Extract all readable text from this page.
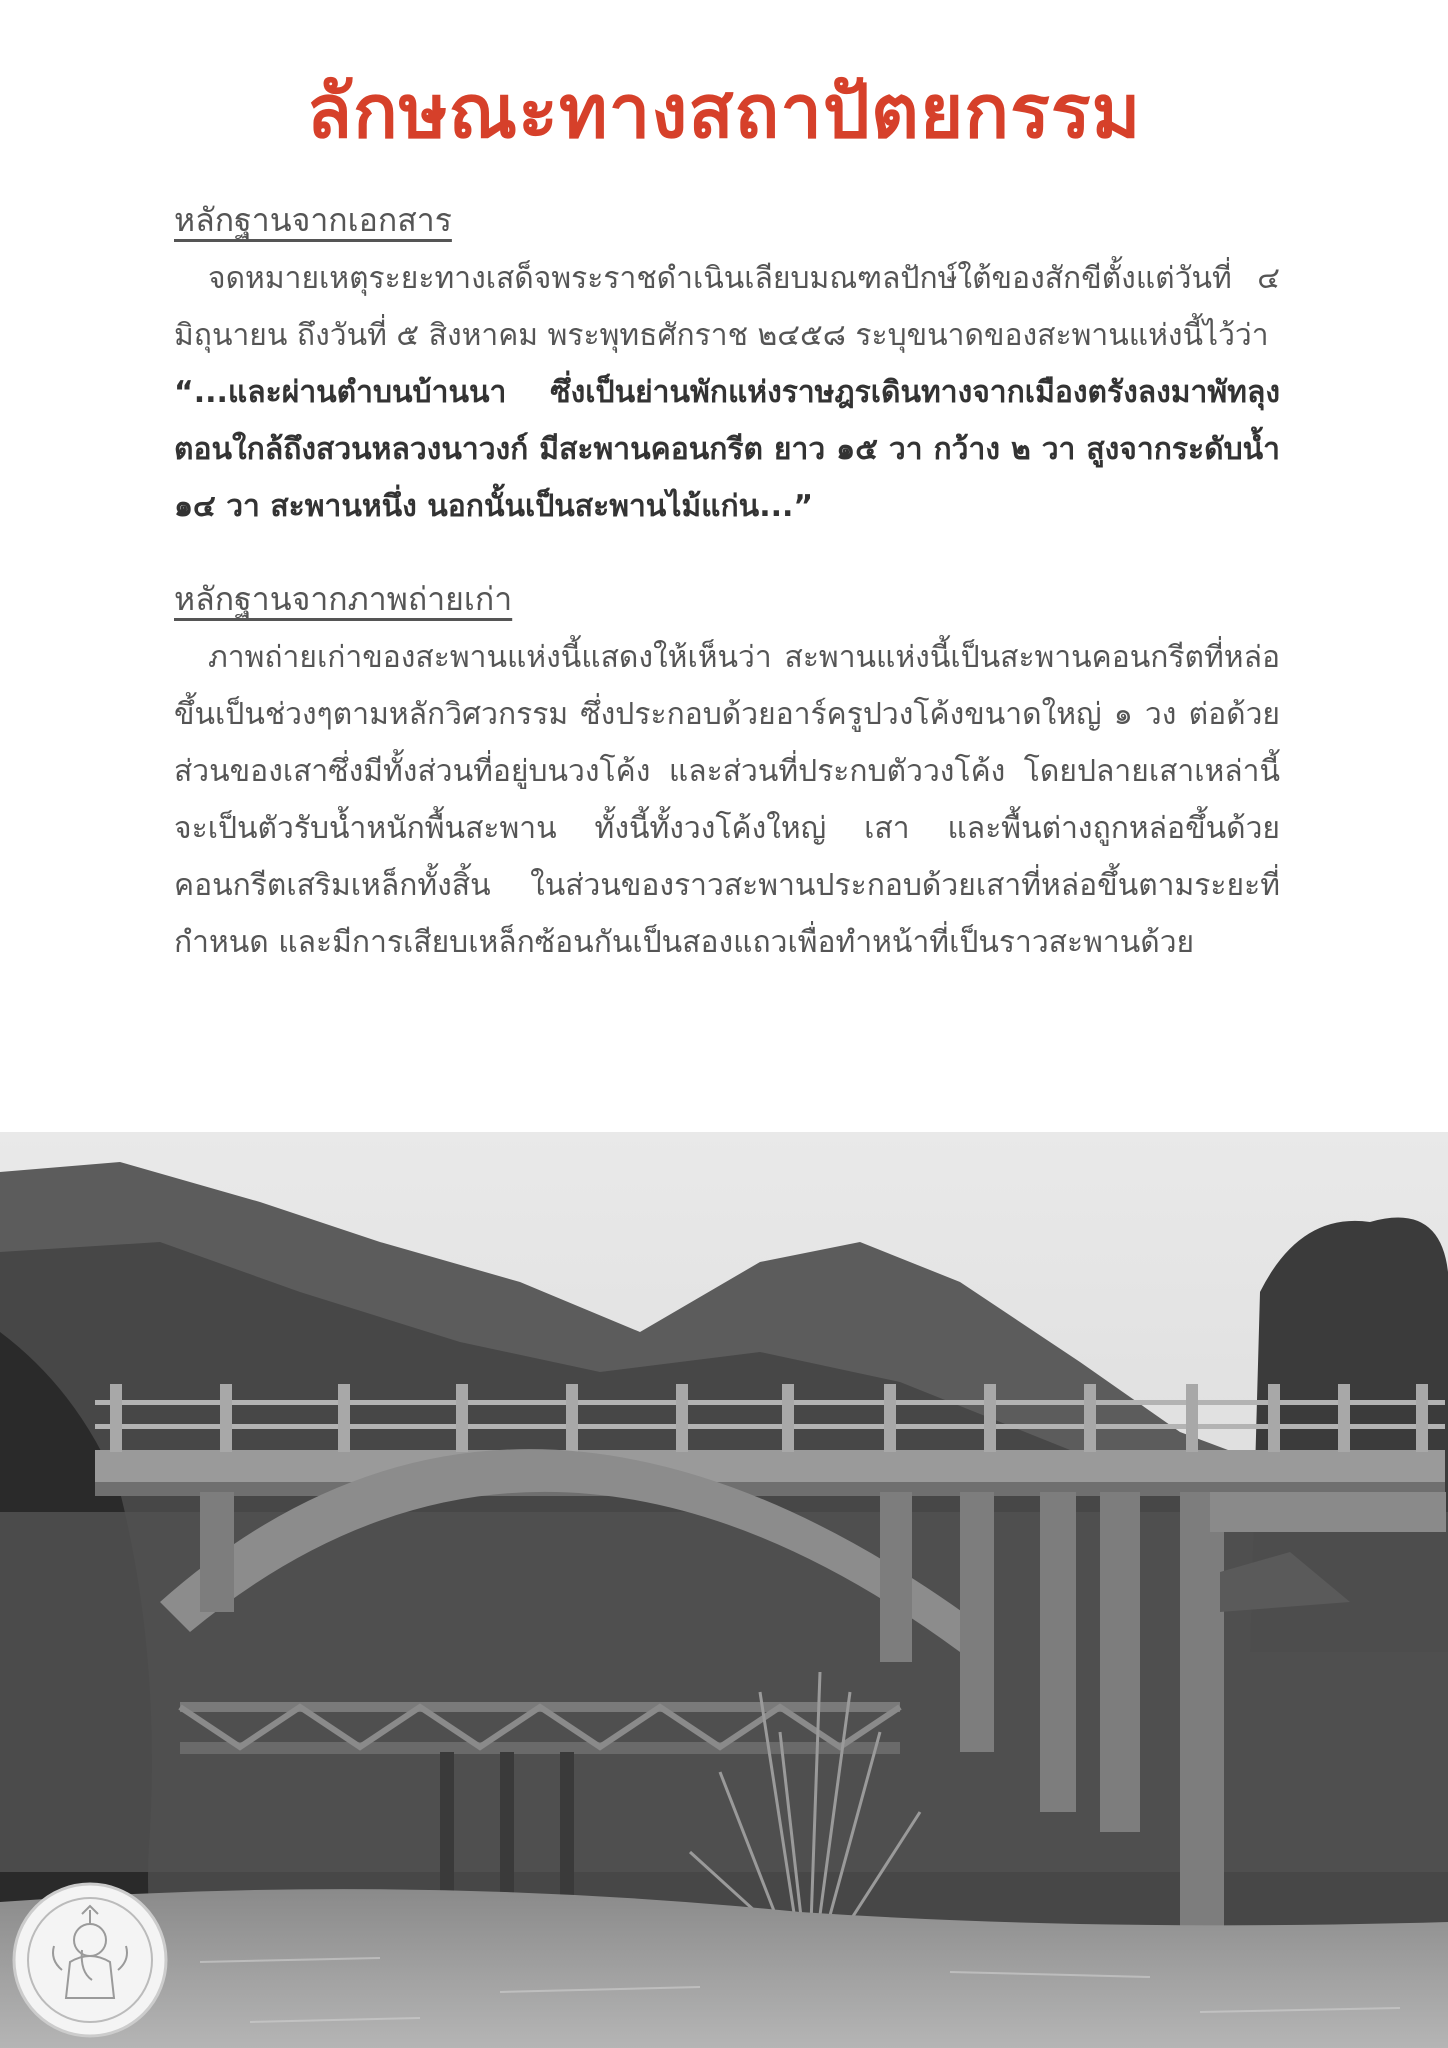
ลักษณะทางสถาปัตยกรรม
หลักฐานจากเอกสาร

จดหมายเหตุระยะทางเสด็จพระราชดำเนินเลียบมณฑลปักษ์ใต้ของสักขีตั้งแต่วันที่ ๔ มิถุนายน ถึงวันที่ ๕ สิงหาคม พระพุทธศักราช ๒๔๕๘ ระบุขนาดของสะพานแห่งนี้ไว้ว่า

“...และผ่านตำบนบ้านนา ซึ่งเป็นย่านพักแห่งราษฎรเดินทางจากเมืองตรังลงมาพัทลุง ตอนใกล้ถึงสวนหลวงนาวงก์ มีสะพานคอนกรีต ยาว ๑๕ วา กว้าง ๒ วา สูงจากระดับน้ำ ๑๔ วา สะพานหนึ่ง นอกนั้นเป็นสะพานไม้แก่น...”

หลักฐานจากภาพถ่ายเก่า

ภาพถ่ายเก่าของสะพานแห่งนี้แสดงให้เห็นว่า สะพานแห่งนี้เป็นสะพานคอนกรีตที่หล่อขึ้นเป็นช่วงๆตามหลักวิศวกรรม ซึ่งประกอบด้วยอาร์ครูปวงโค้งขนาดใหญ่ ๑ วง ต่อด้วยส่วนของเสาซึ่งมีทั้งส่วนที่อยู่บนวงโค้ง และส่วนที่ประกบตัววงโค้ง โดยปลายเสาเหล่านี้จะเป็นตัวรับน้ำหนักพื้นสะพาน ทั้งนี้ทั้งวงโค้งใหญ่ เสา และพื้นต่างถูกหล่อขึ้นด้วยคอนกรีตเสริมเหล็กทั้งสิ้น ในส่วนของราวสะพานประกอบด้วยเสาที่หล่อขึ้นตามระยะที่กำหนด และมีการเสียบเหล็กซ้อนกันเป็นสองแถวเพื่อทำหน้าที่เป็นราวสะพานด้วย
